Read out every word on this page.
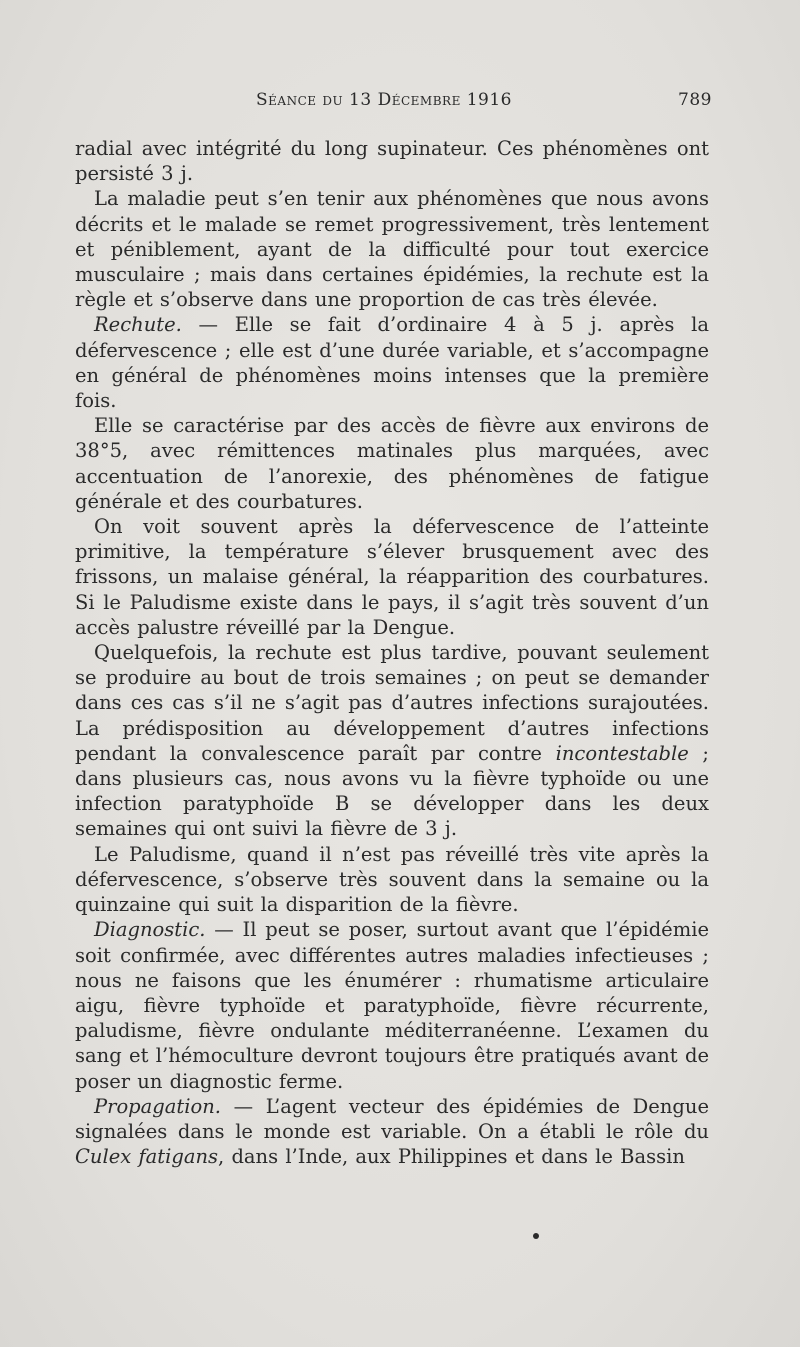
Séance du 13 Décembre 1916	789

radial avec intégrité du long supinateur. Ces phénomènes ont persisté 3 j.

La maladie peut s’en tenir aux phénomènes que nous avons décrits et le malade se remet progressivement, très lentement et péniblement, ayant de la difficulté pour tout exercice musculaire ; mais dans certaines épidémies, la rechute est la règle et s’observe dans une proportion de cas très élevée.

Rechute. — Elle se fait d’ordinaire 4 à 5 j. après la défervescence ; elle est d’une durée variable, et s’accompagne en général de phénomènes moins intenses que la première fois.

Elle se caractérise par des accès de fièvre aux environs de 38°5, avec rémittences matinales plus marquées, avec accentuation de l’anorexie, des phénomènes de fatigue générale et des courbatures.

On voit souvent après la défervescence de l’atteinte primitive, la température s’élever brusquement avec des frissons, un malaise général, la réapparition des courbatures. Si le Paludisme existe dans le pays, il s’agit très souvent d’un accès palustre réveillé par la Dengue.

Quelquefois, la rechute est plus tardive, pouvant seulement se produire au bout de trois semaines ; on peut se demander dans ces cas s’il ne s’agit pas d’autres infections surajoutées. La prédisposition au développement d’autres infections pendant la convalescence paraît par contre incontestable ; dans plusieurs cas, nous avons vu la fièvre typhoïde ou une infection paratyphoïde B se développer dans les deux semaines qui ont suivi la fièvre de 3 j.

Le Paludisme, quand il n’est pas réveillé très vite après la défervescence, s’observe très souvent dans la semaine ou la quinzaine qui suit la disparition de la fièvre.

Diagnostic. — Il peut se poser, surtout avant que l’épidémie soit confirmée, avec différentes autres maladies infectieuses ; nous ne faisons que les énumérer : rhumatisme articulaire aigu, fièvre typhoïde et paratyphoïde, fièvre récurrente, paludisme, fièvre ondulante méditerranéenne. L’examen du sang et l’hémoculture devront toujours être pratiqués avant de poser un diagnostic ferme.

Propagation. — L’agent vecteur des épidémies de Dengue signalées dans le monde est variable. On a établi le rôle du Culex fatigans, dans l’Inde, aux Philippines et dans le Bassin
